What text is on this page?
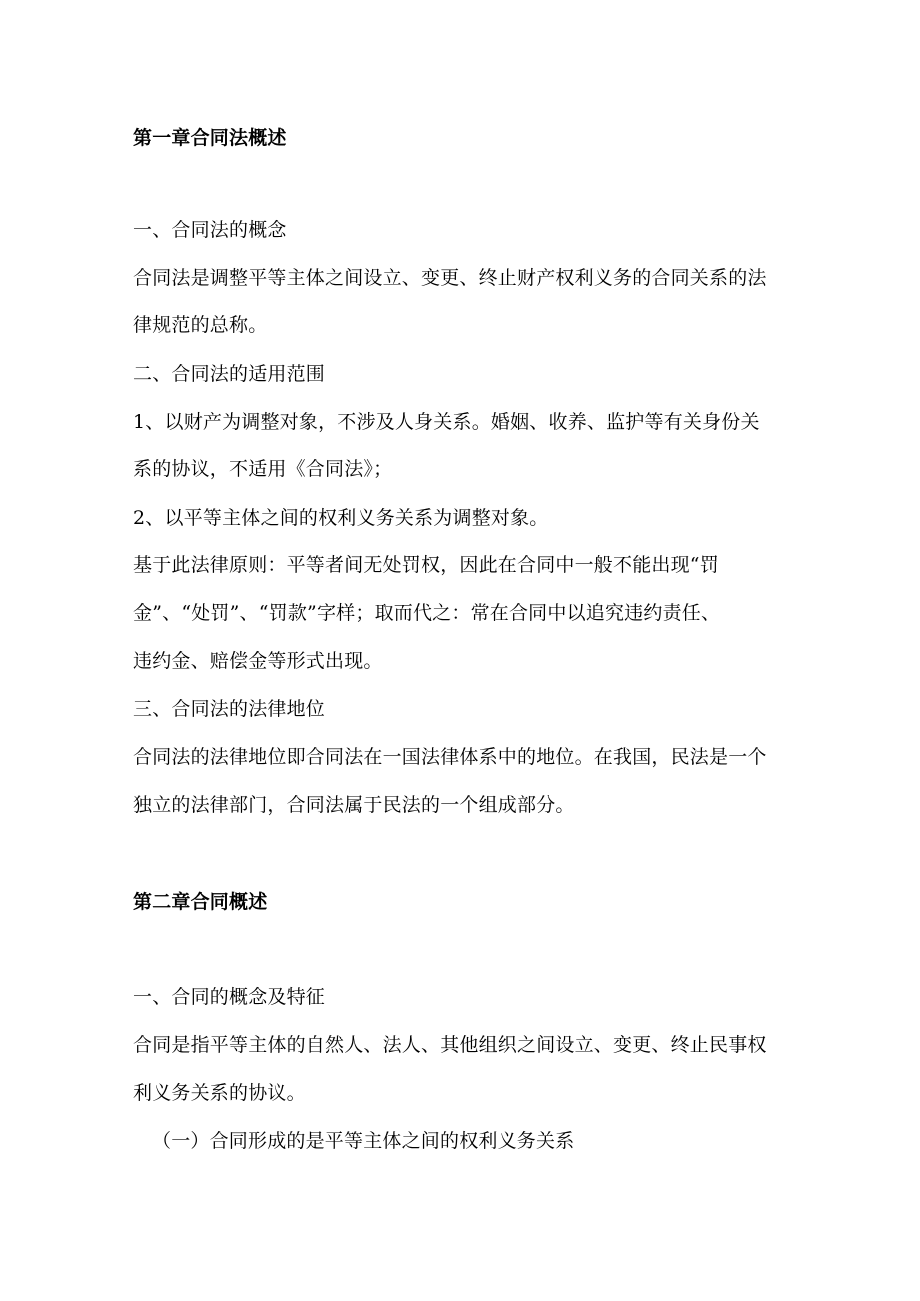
第一章合同法概述
一、合同法的概念
合同法是调整平等主体之间设立、变更、终止财产权利义务的合同关系的法
律规范的总称。
二、合同法的适用范围
1、以财产为调整对象，不涉及人身关系。婚姻、收养、监护等有关身份关
系的协议，不适用《合同法》；
2、以平等主体之间的权利义务关系为调整对象。
基于此法律原则：平等者间无处罚权，因此在合同中一般不能出现“罚
金”、“处罚”、“罚款”字样；取而代之：常在合同中以追究违约责任、
违约金、赔偿金等形式出现。
三、合同法的法律地位
合同法的法律地位即合同法在一国法律体系中的地位。在我国，民法是一个
独立的法律部门，合同法属于民法的一个组成部分。
第二章合同概述
一、合同的概念及特征
合同是指平等主体的自然人、法人、其他组织之间设立、变更、终止民事权
利义务关系的协议。
（一）合同形成的是平等主体之间的权利义务关系
